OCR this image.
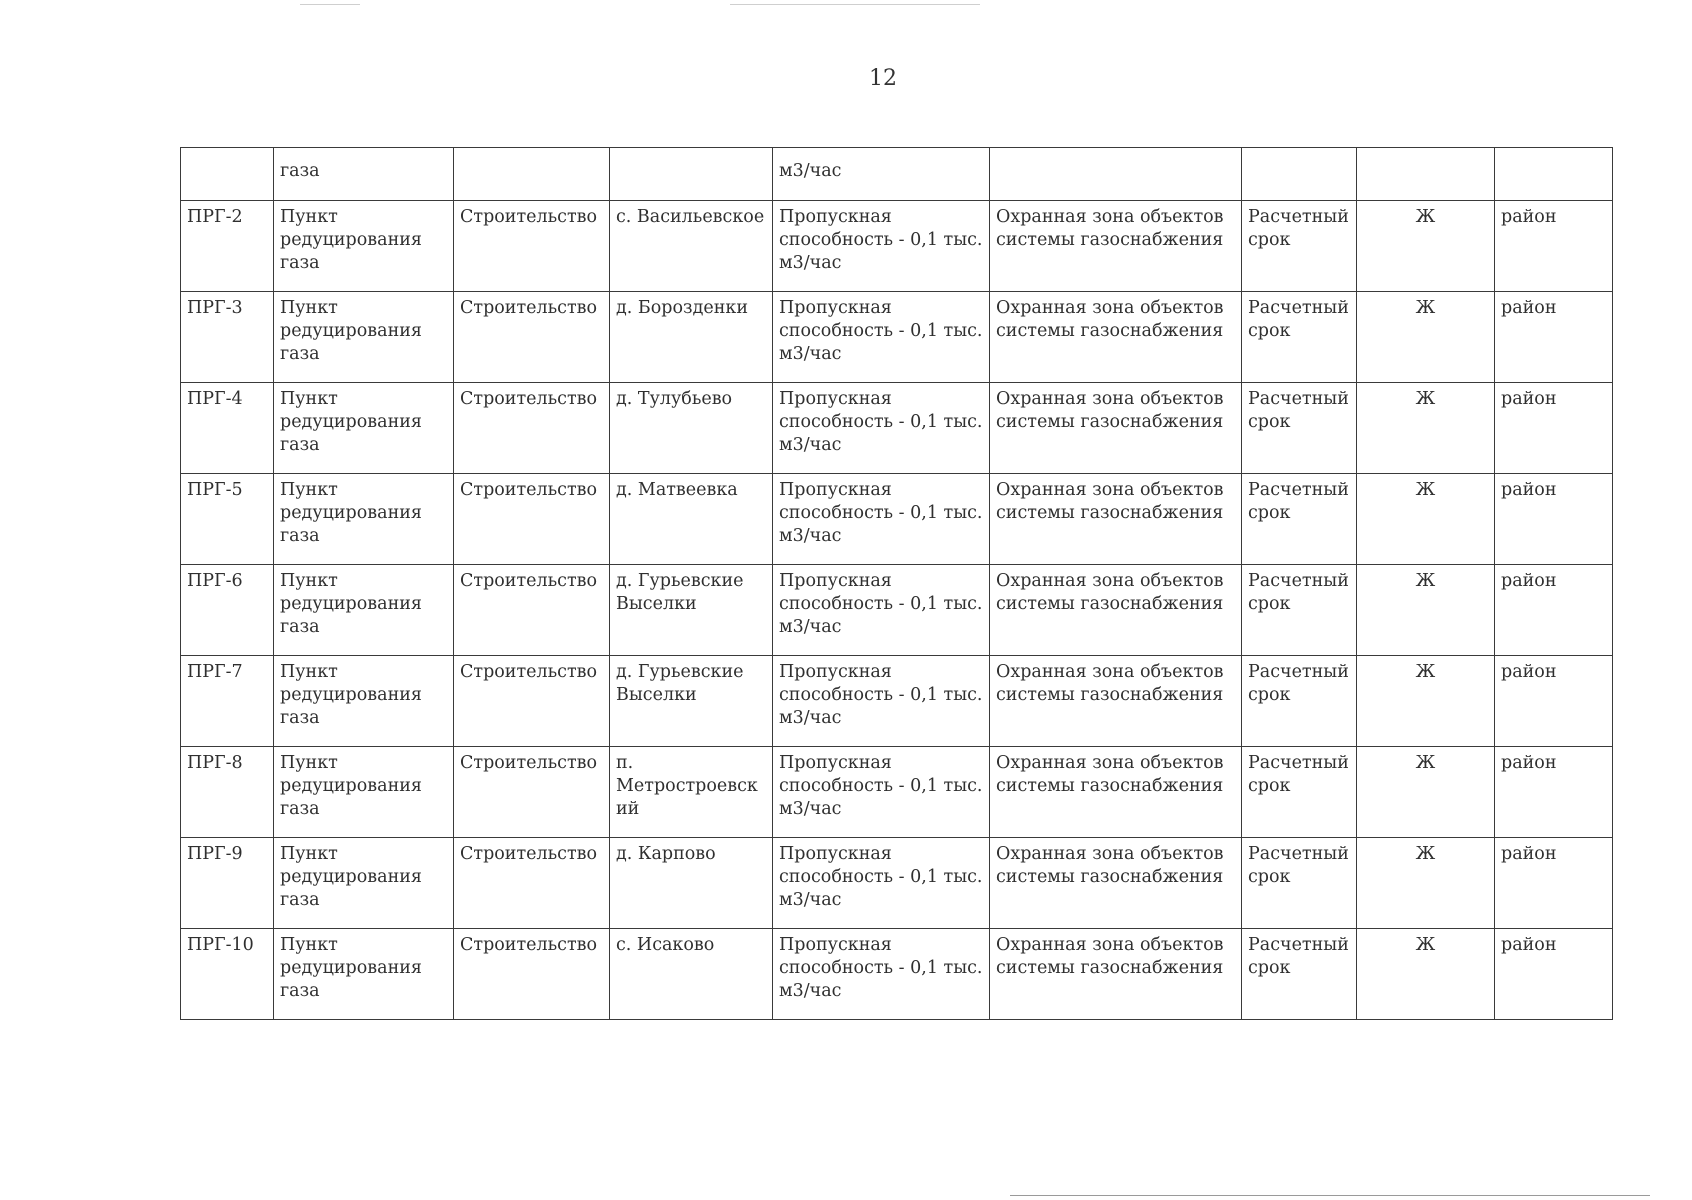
12
	газа			м3/час				
ПРГ-2	Пункт редуцирования газа	Строительство	с. Васильевское	Пропускная способность - 0,1 тыс. м3/час	Охранная зона объектов системы газоснабжения	Расчетный срок	Ж	район
ПРГ-3	Пункт редуцирования газа	Строительство	д. Борозденки	Пропускная способность - 0,1 тыс. м3/час	Охранная зона объектов системы газоснабжения	Расчетный срок	Ж	район
ПРГ-4	Пункт редуцирования газа	Строительство	д. Тулубьево	Пропускная способность - 0,1 тыс. м3/час	Охранная зона объектов системы газоснабжения	Расчетный срок	Ж	район
ПРГ-5	Пункт редуцирования газа	Строительство	д. Матвеевка	Пропускная способность - 0,1 тыс. м3/час	Охранная зона объектов системы газоснабжения	Расчетный срок	Ж	район
ПРГ-6	Пункт редуцирования газа	Строительство	д. Гурьевские Выселки	Пропускная способность - 0,1 тыс. м3/час	Охранная зона объектов системы газоснабжения	Расчетный срок	Ж	район
ПРГ-7	Пункт редуцирования газа	Строительство	д. Гурьевские Выселки	Пропускная способность - 0,1 тыс. м3/час	Охранная зона объектов системы газоснабжения	Расчетный срок	Ж	район
ПРГ-8	Пункт редуцирования газа	Строительство	п. Метростроевский	Пропускная способность - 0,1 тыс. м3/час	Охранная зона объектов системы газоснабжения	Расчетный срок	Ж	район
ПРГ-9	Пункт редуцирования газа	Строительство	д. Карпово	Пропускная способность - 0,1 тыс. м3/час	Охранная зона объектов системы газоснабжения	Расчетный срок	Ж	район
ПРГ-10	Пункт редуцирования газа	Строительство	с. Исаково	Пропускная способность - 0,1 тыс. м3/час	Охранная зона объектов системы газоснабжения	Расчетный срок	Ж	район
